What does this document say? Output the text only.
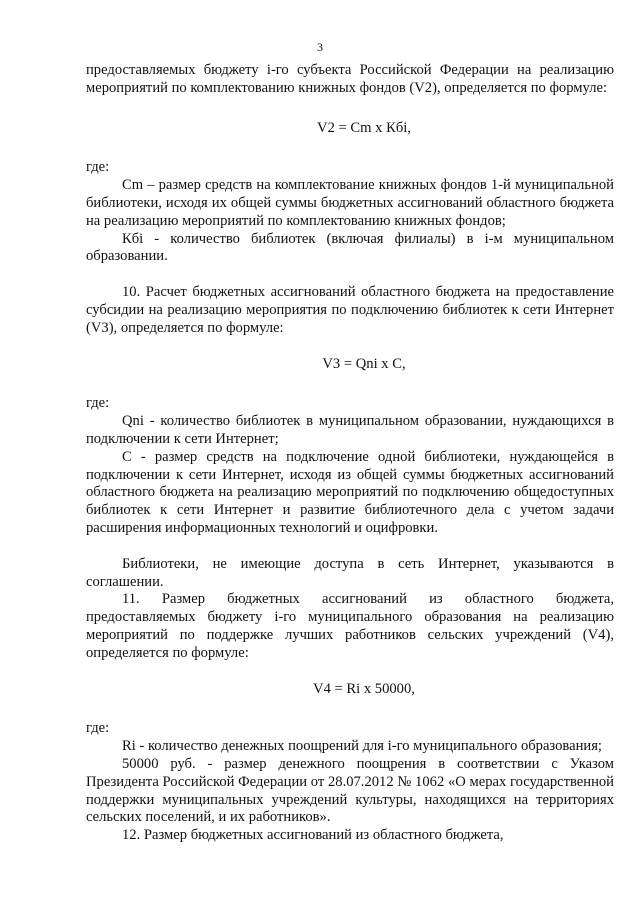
3

предоставляемых бюджету i-го субъекта Российской Федерации на реализацию мероприятий по комплектованию книжных фондов (V2), определяется по формуле:

V2 = Cm x Кбi,

где:

Cm – размер средств на комплектование книжных фондов 1-й муниципальной библиотеки, исходя их общей суммы бюджетных ассигнований областного бюджета на реализацию мероприятий по комплектованию книжных фондов;

Кбi - количество библиотек (включая филиалы) в i-м муниципальном образовании.

10. Расчет бюджетных ассигнований областного бюджета на предоставление субсидии на реализацию мероприятия по подключению библиотек к сети Интернет (V3), определяется по формуле:

V3 = Qni x C,

где:

Qni - количество библиотек в муниципальном образовании, нуждающихся в подключении к сети Интернет;

С - размер средств на подключение одной библиотеки, нуждающейся в подключении к сети Интернет, исходя из общей суммы бюджетных ассигнований областного бюджета на реализацию мероприятий по подключению общедоступных библиотек к сети Интернет и развитие библиотечного дела с учетом задачи расширения информационных технологий и оцифровки.

Библиотеки, не имеющие доступа в сеть Интернет, указываются в соглашении.

11. Размер бюджетных ассигнований из областного бюджета, предоставляемых бюджету i-го муниципального образования на реализацию мероприятий по поддержке лучших работников сельских учреждений (V4), определяется по формуле:

V4 = Ri x 50000,

где:

Ri - количество денежных поощрений для i-го муниципального образования;

50000 руб. - размер денежного поощрения в соответствии с Указом Президента Российской Федерации от 28.07.2012 № 1062 «О мерах государственной поддержки муниципальных учреждений культуры, находящихся на территориях сельских поселений, и их работников».

12. Размер бюджетных ассигнований из областного бюджета,
